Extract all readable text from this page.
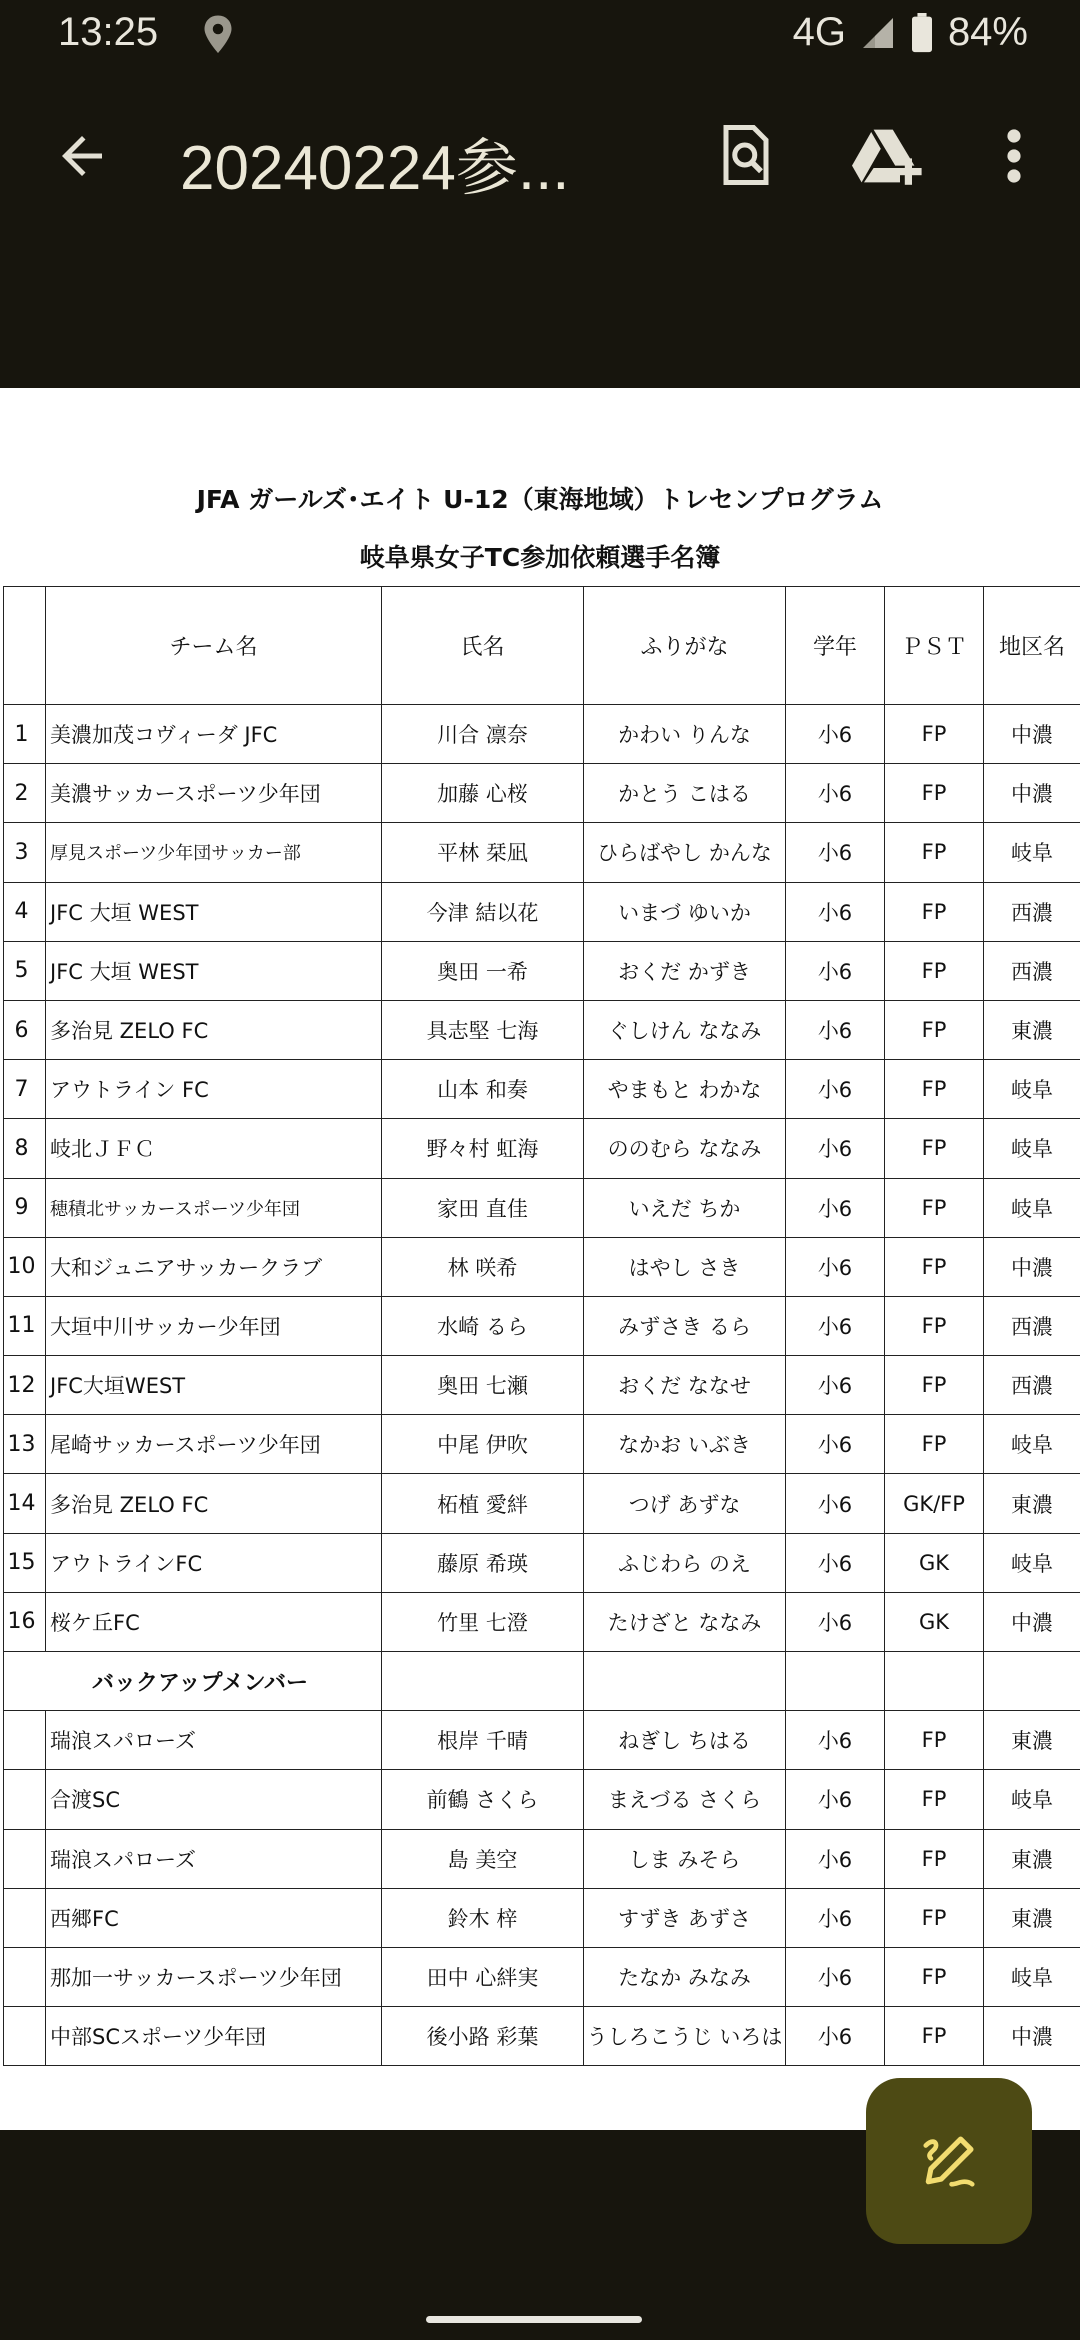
13:25	4G	84%
20240224参...
JFA ガールズ･エイト U-12（東海地域）トレセンプログラム
岐阜県女子TC参加依頼選手名簿
	チーム名	氏名	ふりがな	学年	ＰＳＴ	地区名
1	美濃加茂コヴィーダ JFC	川合 凛奈	かわい りんな	小6	FP	中濃
2	美濃サッカースポーツ少年団	加藤 心桜	かとう こはる	小6	FP	中濃
3	厚見スポーツ少年団サッカー部	平林 栞凪	ひらばやし かんな	小6	FP	岐阜
4	JFC 大垣 WEST	今津 結以花	いまづ ゆいか	小6	FP	西濃
5	JFC 大垣 WEST	奥田 一希	おくだ かずき	小6	FP	西濃
6	多治見 ZELO FC	具志堅 七海	ぐしけん ななみ	小6	FP	東濃
7	アウトライン FC	山本 和奏	やまもと わかな	小6	FP	岐阜
8	岐北ＪＦＣ	野々村 虹海	ののむら ななみ	小6	FP	岐阜
9	穂積北サッカースポーツ少年団	家田 直佳	いえだ ちか	小6	FP	岐阜
10	大和ジュニアサッカークラブ	林 咲希	はやし さき	小6	FP	中濃
11	大垣中川サッカー少年団	水崎 るら	みずさき るら	小6	FP	西濃
12	JFC大垣WEST	奥田 七瀬	おくだ ななせ	小6	FP	西濃
13	尾崎サッカースポーツ少年団	中尾 伊吹	なかお いぶき	小6	FP	岐阜
14	多治見 ZELO FC	柘植 愛絆	つげ あずな	小6	GK/FP	東濃
15	アウトラインFC	藤原 希瑛	ふじわら のえ	小6	GK	岐阜
16	桜ケ丘FC	竹里 七澄	たけざと ななみ	小6	GK	中濃
バックアップメンバー						
	瑞浪スパローズ	根岸 千晴	ねぎし ちはる	小6	FP	東濃
	合渡SC	前鶴 さくら	まえづる さくら	小6	FP	岐阜
	瑞浪スパローズ	島 美空	しま みそら	小6	FP	東濃
	西郷FC	鈴木 梓	すずき あずさ	小6	FP	東濃
	那加一サッカースポーツ少年団	田中 心絆実	たなか みなみ	小6	FP	岐阜
	中部SCスポーツ少年団	後小路 彩葉	うしろこうじ いろは	小6	FP	中濃
